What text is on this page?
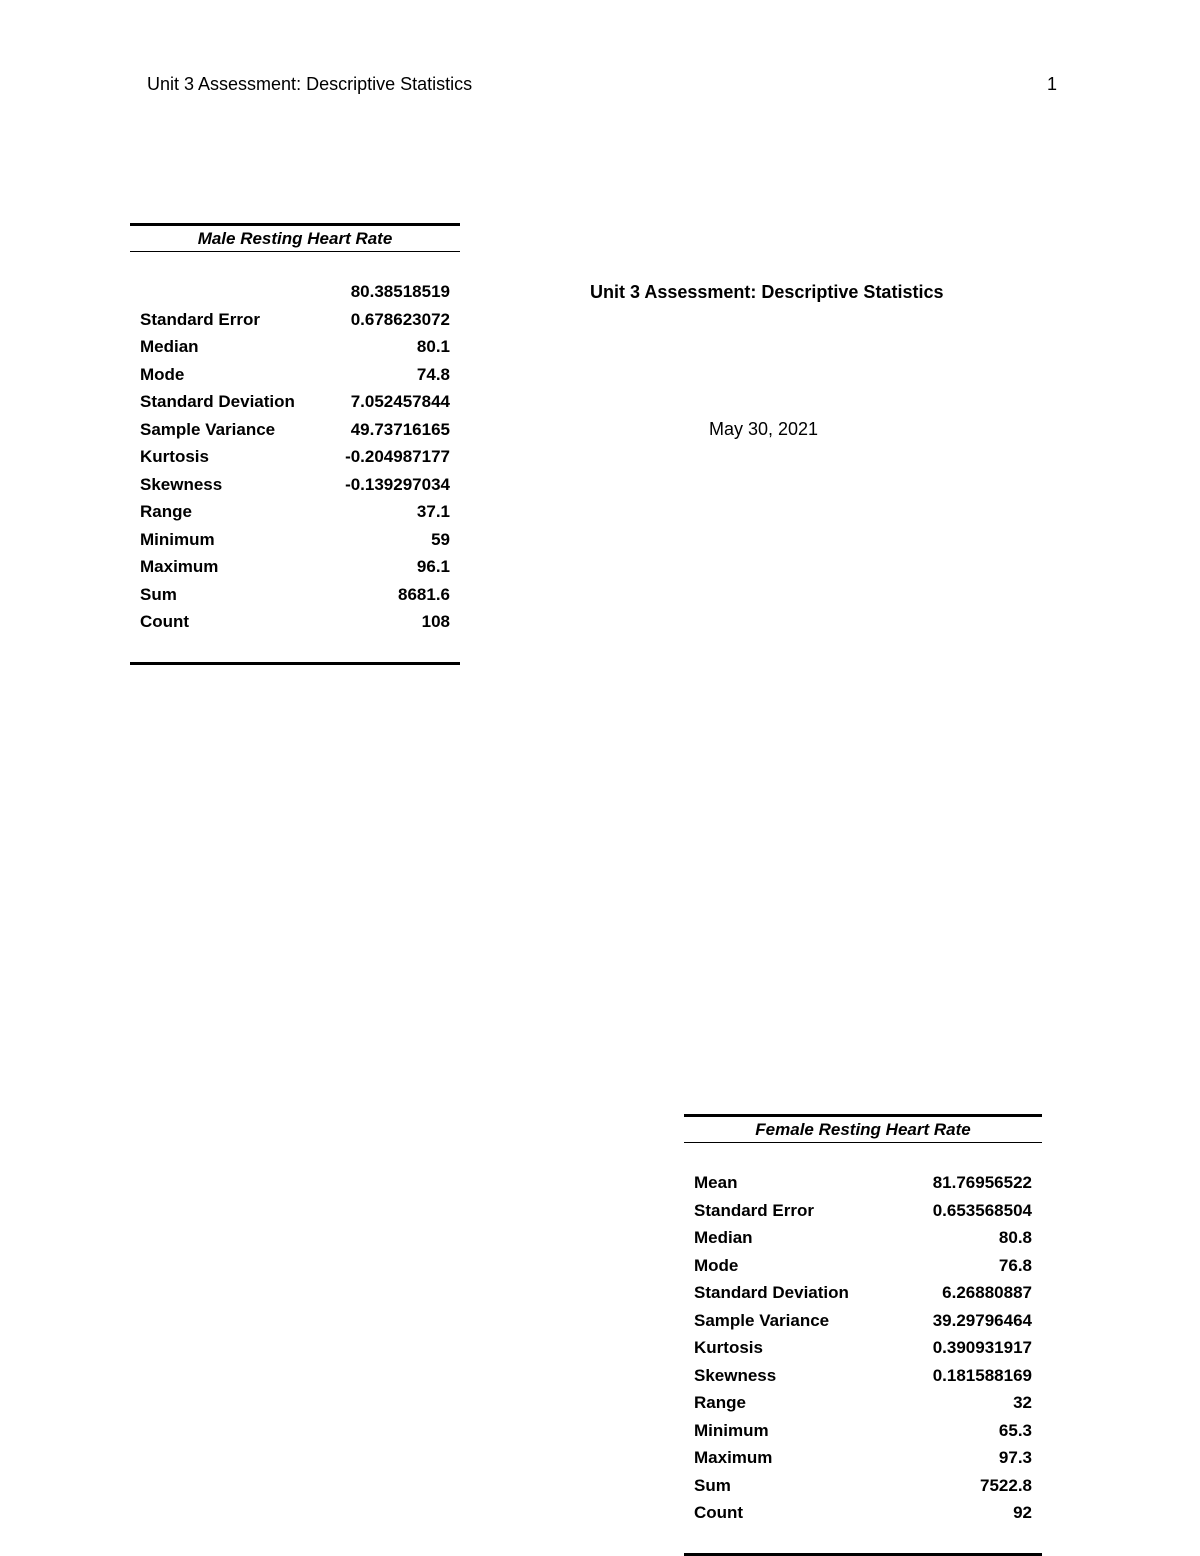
Unit 3 Assessment: Descriptive Statistics	1
Unit 3 Assessment: Descriptive Statistics
May 30, 2021
Male Resting Heart Rate	

	80.38518519
Standard Error	0.678623072
Median	80.1
Mode	74.8
Standard Deviation	7.052457844
Sample Variance	49.73716165
Kurtosis	-0.204987177
Skewness	-0.139297034
Range	37.1
Minimum	59
Maximum	96.1
Sum	8681.6
Count	108

Female Resting Heart Rate	

Mean	81.76956522
Standard Error	0.653568504
Median	80.8
Mode	76.8
Standard Deviation	6.26880887
Sample Variance	39.29796464
Kurtosis	0.390931917
Skewness	0.181588169
Range	32
Minimum	65.3
Maximum	97.3
Sum	7522.8
Count	92
